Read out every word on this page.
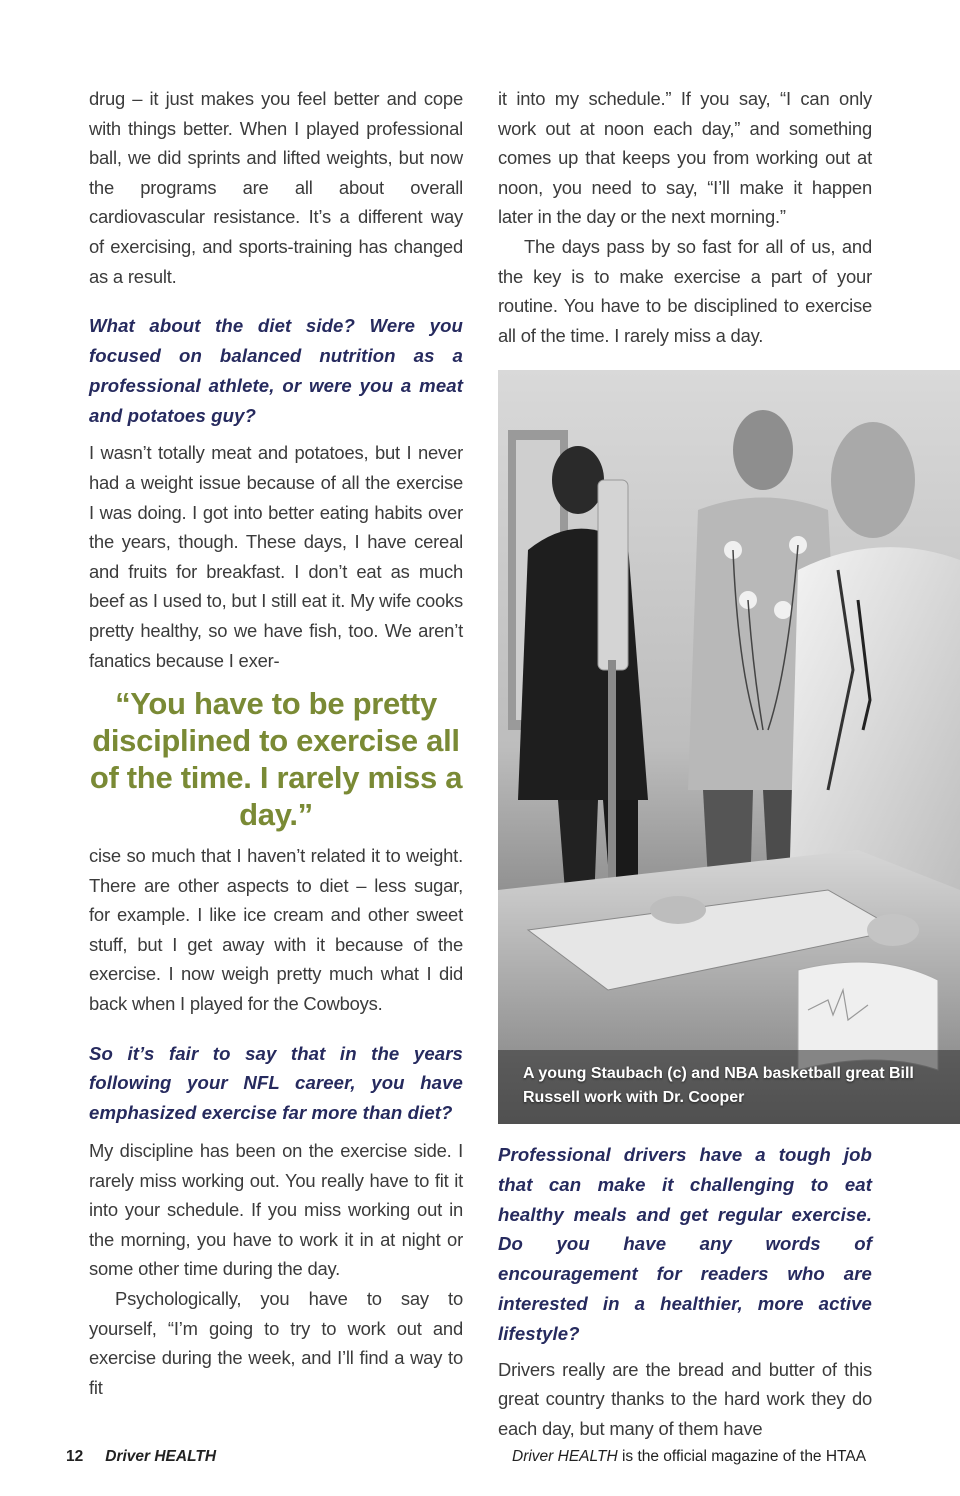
drug – it just makes you feel better and cope with things better. When I played professional ball, we did sprints and lifted weights, but now the programs are all about overall cardiovascular resistance. It’s a different way of exercising, and sports-training has changed as a result.

What about the diet side? Were you focused on balanced nutrition as a professional athlete, or were you a meat and potatoes guy?

I wasn’t totally meat and potatoes, but I never had a weight issue because of all the exercise I was doing. I got into better eating habits over the years, though. These days, I have cereal and fruits for breakfast. I don’t eat as much beef as I used to, but I still eat it. My wife cooks pretty healthy, so we have fish, too. We aren’t fanatics because I exer-

“You have to be pretty disciplined to exercise all of the time. I rarely miss a day.”

cise so much that I haven’t related it to weight. There are other aspects to diet – less sugar, for example. I like ice cream and other sweet stuff, but I get away with it because of the exercise. I now weigh pretty much what I did back when I played for the Cowboys.

So it’s fair to say that in the years following your NFL career, you have emphasized exercise far more than diet?

My discipline has been on the exercise side. I rarely miss working out. You really have to fit it into your schedule. If you miss working out in the morning, you have to work it in at night or some other time during the day.

Psychologically, you have to say to yourself, “I’m going to try to work out and exercise during the week, and I’ll find a way to fit

it into my schedule.” If you say, “I can only work out at noon each day,” and something comes up that keeps you from working out at noon, you need to say, “I’ll make it happen later in the day or the next morning.”

The days pass by so fast for all of us, and the key is to make exercise a part of your routine. You have to be disciplined to exercise all of the time. I rarely miss a day.

A young Staubach (c) and NBA basketball great Bill Russell work with Dr. Cooper

Professional drivers have a tough job that can make it challenging to eat healthy meals and get regular exercise. Do you have any words of encouragement for readers who are interested in a healthier, more active lifestyle?

Drivers really are the bread and butter of this great country thanks to the hard work they do each day, but many of them have

12 Driver HEALTH	Driver HEALTH is the official magazine of the HTAA
